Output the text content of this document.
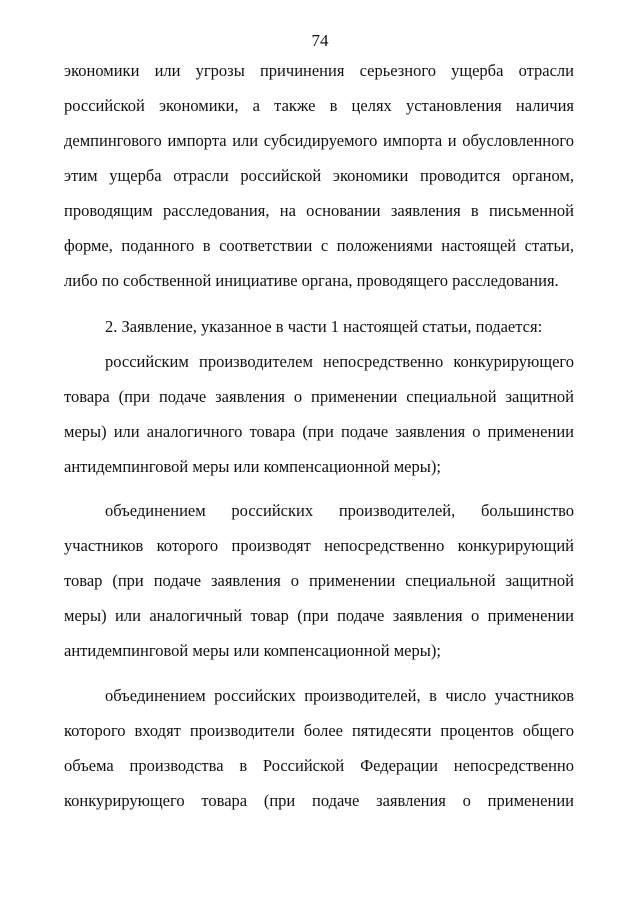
74
экономики или угрозы причинения серьезного ущерба отрасли
российской экономики, а также в целях установления наличия
демпингового импорта или субсидируемого импорта и обусловленного
этим ущерба отрасли российской экономики проводится органом,
проводящим расследования, на основании заявления в письменной
форме, поданного в соответствии с положениями настоящей статьи,
либо по собственной инициативе органа, проводящего расследования.
2. Заявление, указанное в части 1 настоящей статьи, подается:
российским производителем непосредственно конкурирующего
товара (при подаче заявления о применении специальной защитной
меры) или аналогичного товара (при подаче заявления о применении
антидемпинговой меры или компенсационной меры);
объединением российских производителей, большинство
участников которого производят непосредственно конкурирующий
товар (при подаче заявления о применении специальной защитной
меры) или аналогичный товар (при подаче заявления о применении
антидемпинговой меры или компенсационной меры);
объединением российских производителей, в число участников
которого входят производители более пятидесяти процентов общего
объема производства в Российской Федерации непосредственно
конкурирующего товара (при подаче заявления о применении
